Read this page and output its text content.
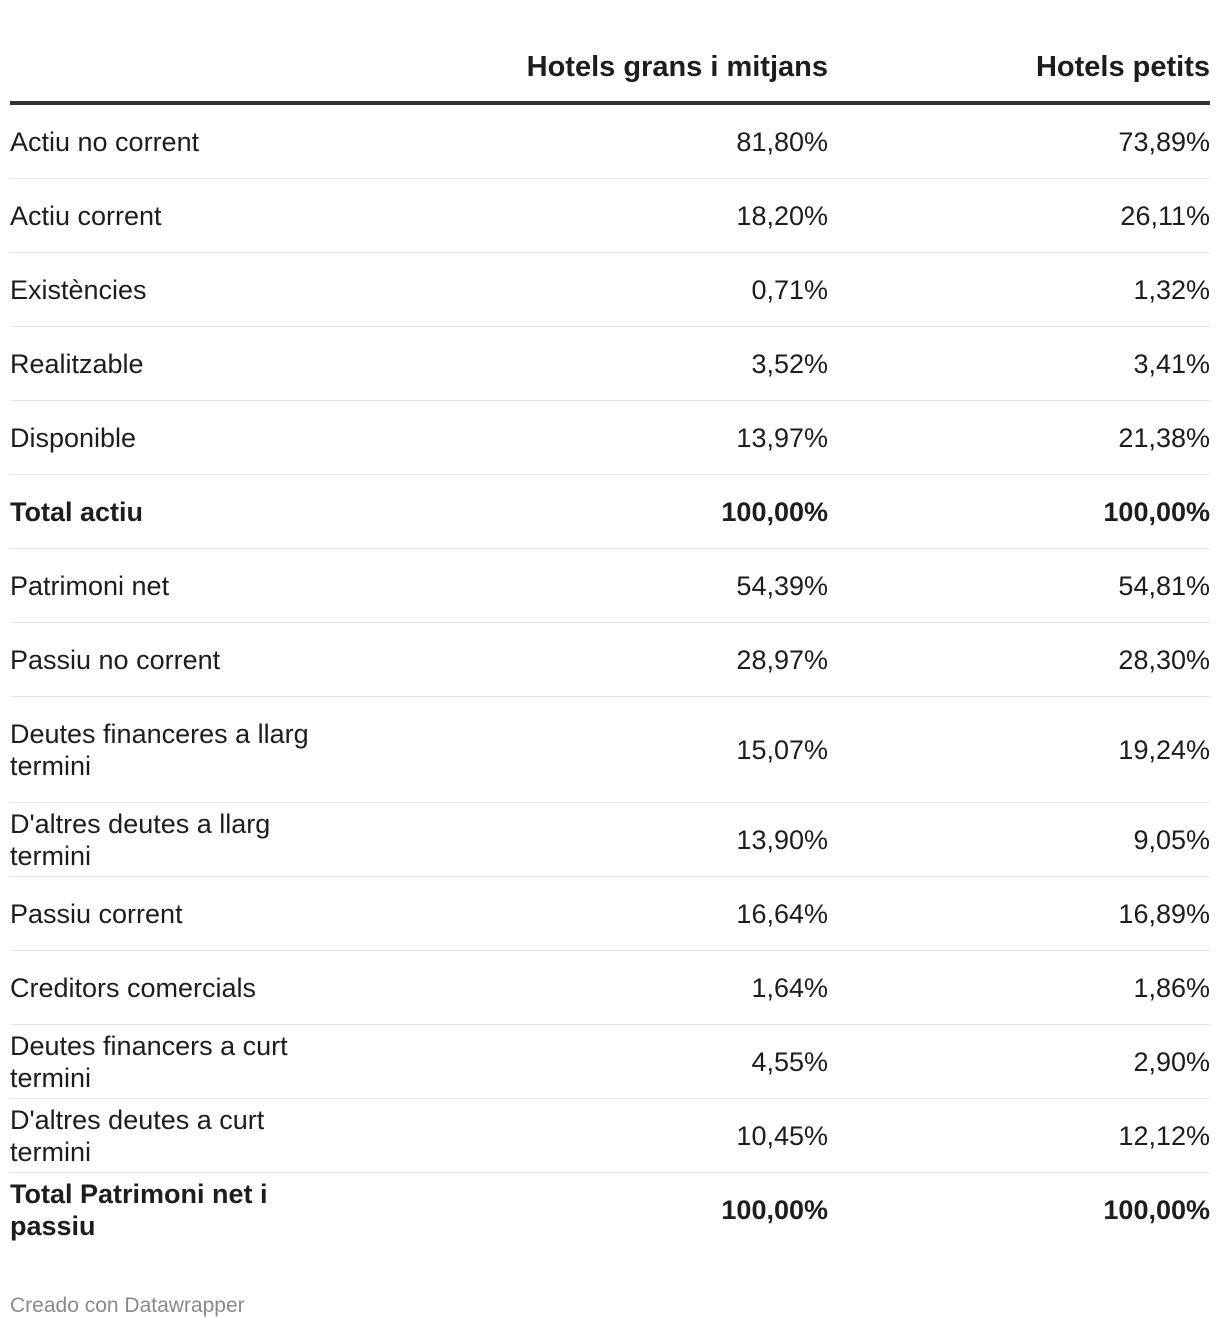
	Hotels grans i mitjans	Hotels petits
Actiu no corrent	81,80%	73,89%
Actiu corrent	18,20%	26,11%
Existències	0,71%	1,32%
Realitzable	3,52%	3,41%
Disponible	13,97%	21,38%
Total actiu	100,00%	100,00%
Patrimoni net	54,39%	54,81%
Passiu no corrent	28,97%	28,30%
Deutes financeres a llarg termini	15,07%	19,24%
D'altres deutes a llarg termini	13,90%	9,05%
Passiu corrent	16,64%	16,89%
Creditors comercials	1,64%	1,86%
Deutes financers a curt termini	4,55%	2,90%
D'altres deutes a curt termini	10,45%	12,12%
Total Patrimoni net i passiu	100,00%	100,00%
Creado con Datawrapper
